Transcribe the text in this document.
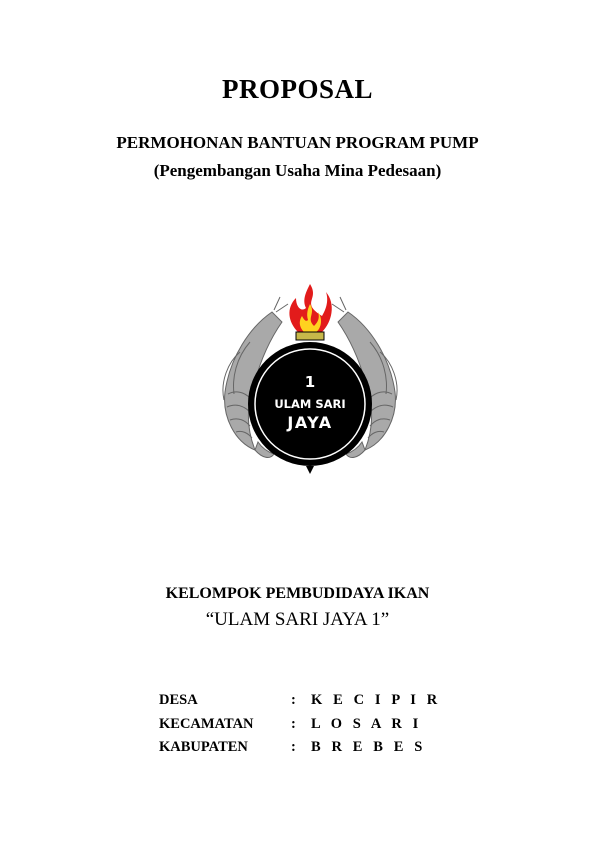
PROPOSAL
PERMOHONAN BANTUAN PROGRAM PUMP
(Pengembangan Usaha Mina Pedesaan)
1
ULAM SARI
JAYA
KELOMPOK PEMBUDIDAYA IKAN
“ULAM SARI JAYA 1”
DESA	: K E C I P I R
KECAMATAN	: L O S A R I
KABUPATEN	: B R E B E S
